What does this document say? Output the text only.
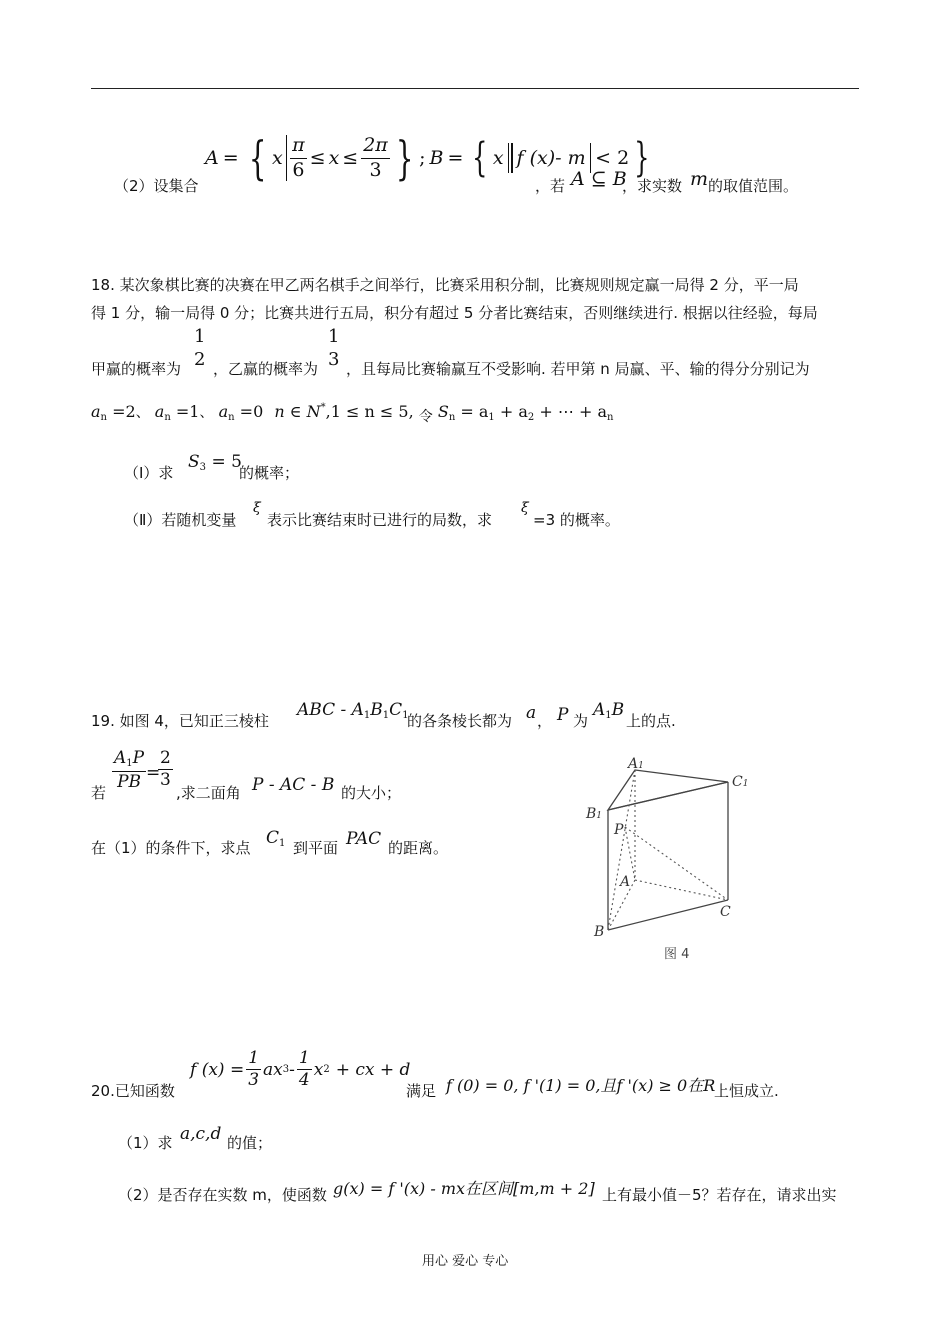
（2）设集合
A = { x $\frac{\pi}{6} \le x \le \frac{2\pi}{3}$ } ; B = { x f (x)- m < 2 }
，若 A ⊆ B
，求实数 m 的取值范围。
18. 某次象棋比赛的决赛在甲乙两名棋手之间举行，比赛采用积分制，比赛规则规定赢一局得 2 分，平一局
得 1 分，输一局得 0 分；比赛共进行五局，积分有超过 5 分者比赛结束，否则继续进行. 根据以往经验，每局
甲赢的概率为
1
2 ，乙赢的概率为
1
3 ，且每局比赛输赢互不受影响. 若甲第 n 局赢、平、输的得分分别记为
$a_n =2$、 $a_n =1$、 $a_n =0$ n ∈ N*,1 ≤ n ≤ 5, 令 $S_n = a_1 + a_2$ + ⋯ + $a_n$
（Ⅰ）求
$S_3 = 5$
的概率；
（Ⅱ）若随机变量
ξ
表示比赛结束时已进行的局数，求
ξ
=3 的概率。
19. 如图 4，已知正三棱柱
ABC - $A_1B_1C_1$
的各条棱长都为 a ， P 为
$A_1B$
上的点.
若
$\frac{A_1P}{PB}$ =
$\frac{2}{3}$
,求二面角 P - AC - B 的大小；
在（1）的条件下，求点 $C_1$ 到平面 PAC 的距离。
A1
C1
B1
P
A
C
B
图 4
20.已知函数
f $(x) = \frac{1}{3}$ ax $3 - \frac{1}{4}$ x 2 + cx + d
满足 f (0) = 0, f '(1) = 0,且f '(x) ≥ 0在R
上恒成立.
（1）求 a,c,d 的值；
（2）是否存在实数 m，使函数 g(x) = f '(x) - mx在区间[m,m + 2] 上有最小值－5？若存在，请求出实
用心 爱心 专心
